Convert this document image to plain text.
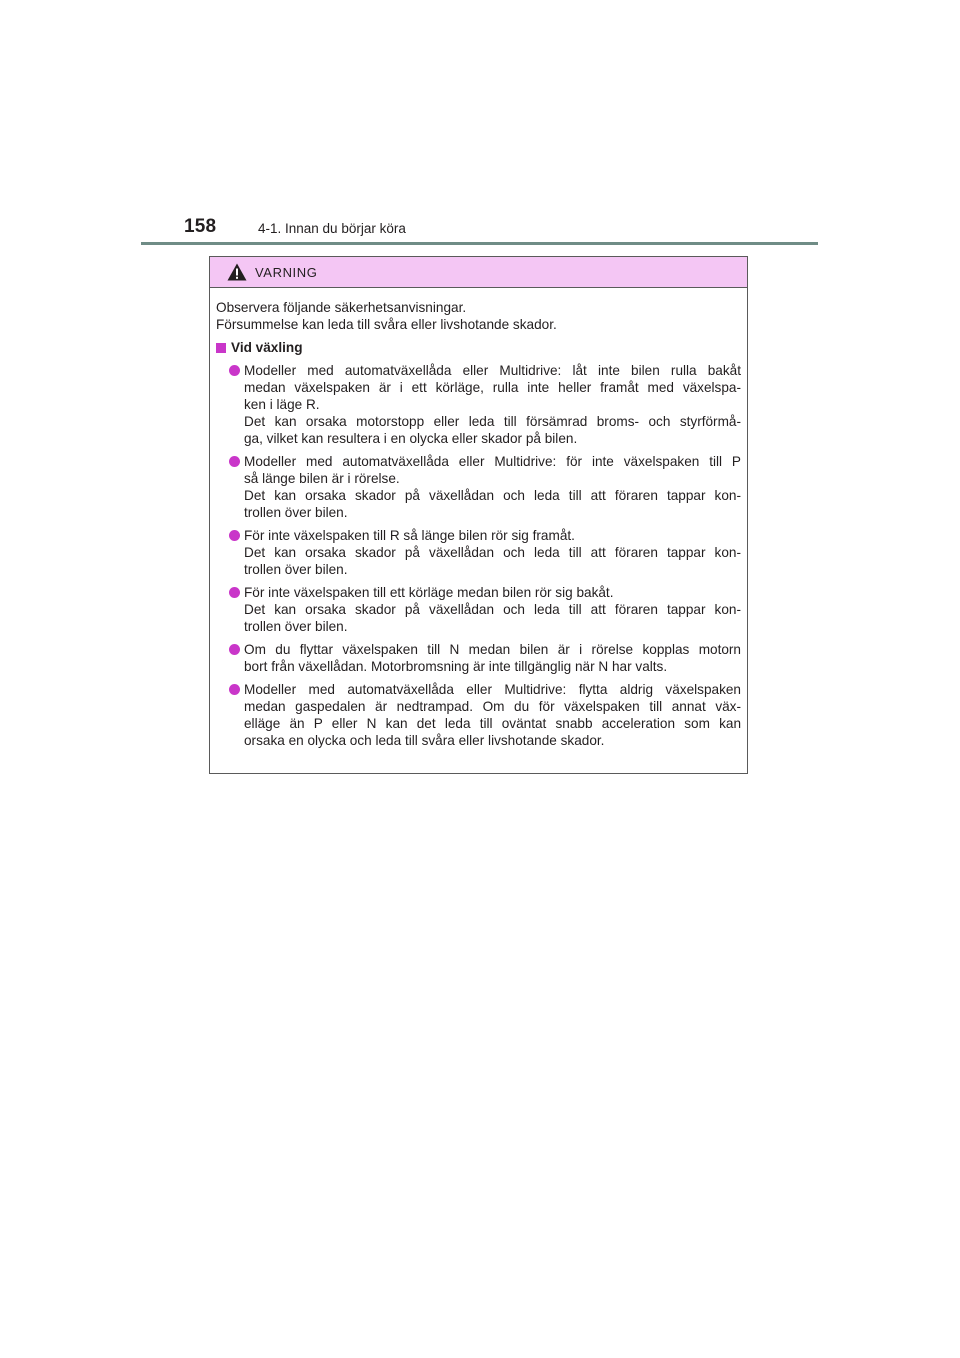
158	4-1. Innan du börjar köra
VARNING
Observera följande säkerhetsanvisningar.
Försummelse kan leda till svåra eller livshotande skador.
Vid växling
Modeller med automatväxellåda eller Multidrive: låt inte bilen rulla bakåt
medan växelspaken är i ett körläge, rulla inte heller framåt med växelspa-
ken i läge R.
Det kan orsaka motorstopp eller leda till försämrad broms- och styrförmå-
ga, vilket kan resultera i en olycka eller skador på bilen.
Modeller med automatväxellåda eller Multidrive: för inte växelspaken till P
så länge bilen är i rörelse.
Det kan orsaka skador på växellådan och leda till att föraren tappar kon-
trollen över bilen.
För inte växelspaken till R så länge bilen rör sig framåt.
Det kan orsaka skador på växellådan och leda till att föraren tappar kon-
trollen över bilen.
För inte växelspaken till ett körläge medan bilen rör sig bakåt.
Det kan orsaka skador på växellådan och leda till att föraren tappar kon-
trollen över bilen.
Om du flyttar växelspaken till N medan bilen är i rörelse kopplas motorn
bort från växellådan. Motorbromsning är inte tillgänglig när N har valts.
Modeller med automatväxellåda eller Multidrive: flytta aldrig växelspaken
medan gaspedalen är nedtrampad. Om du för växelspaken till annat väx-
elläge än P eller N kan det leda till oväntat snabb acceleration som kan
orsaka en olycka och leda till svåra eller livshotande skador.
